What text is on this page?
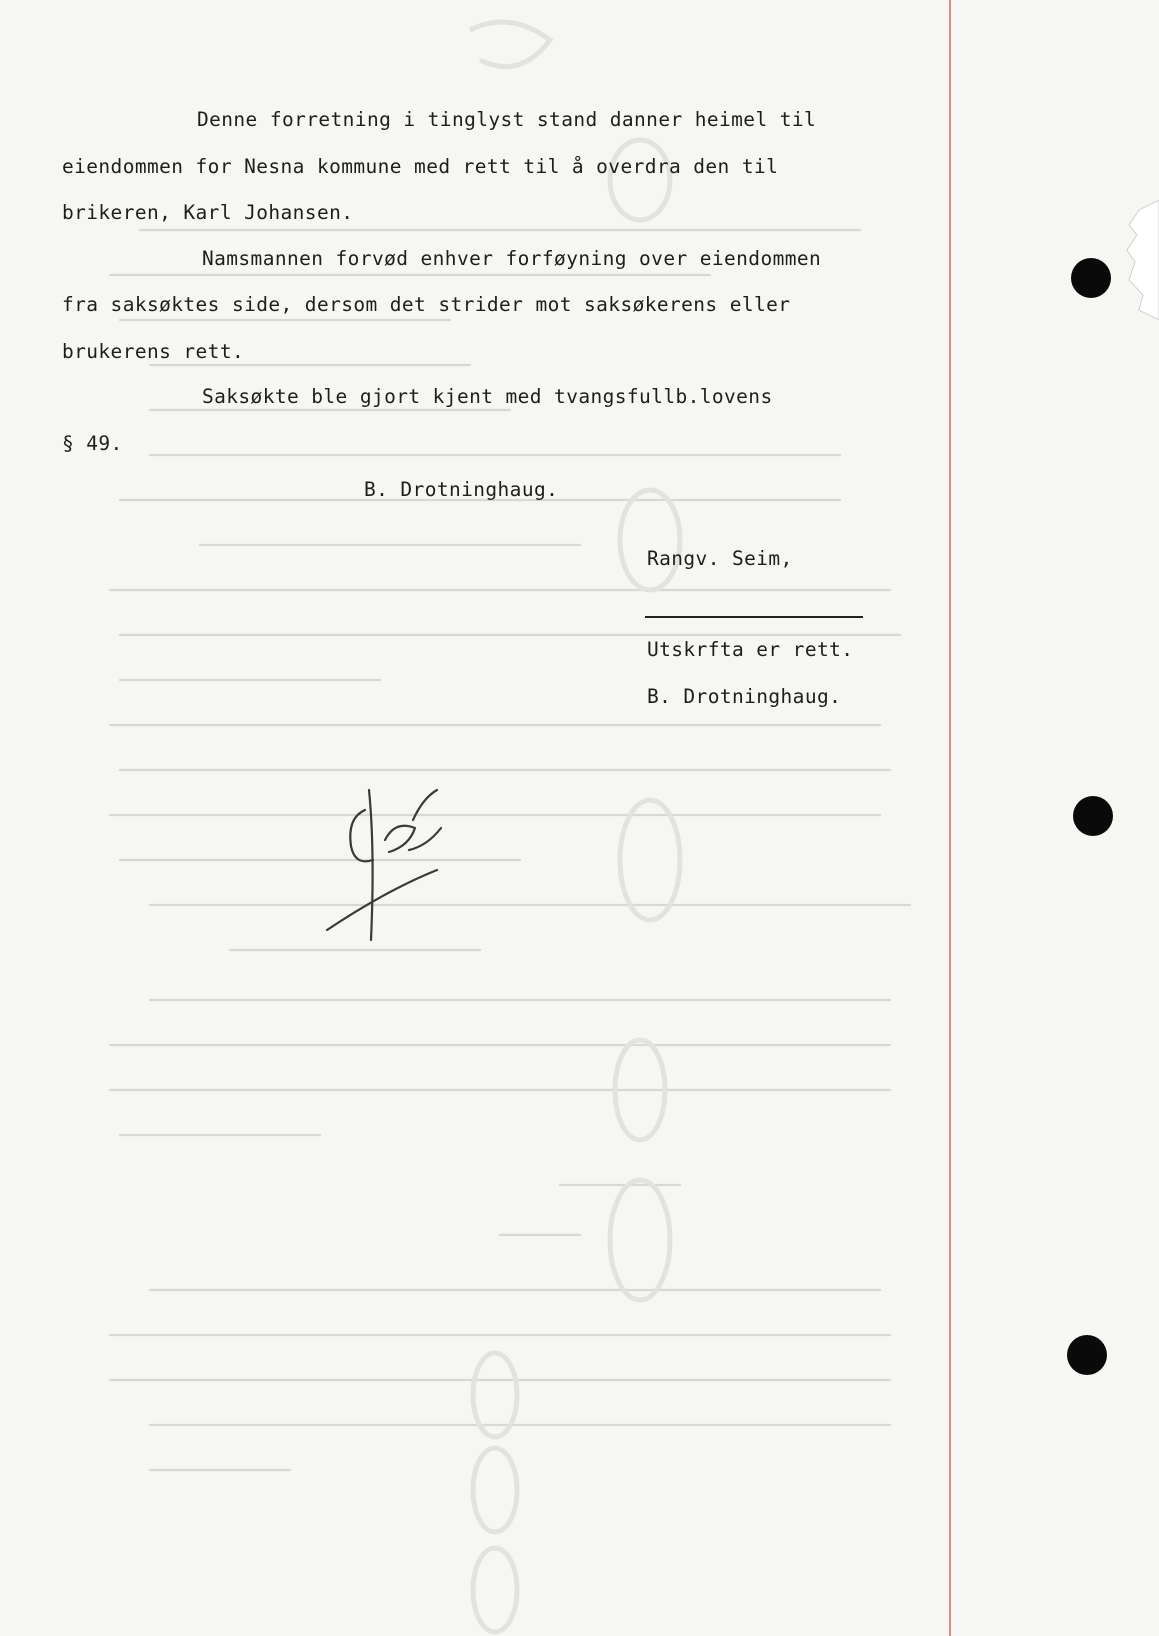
Denne forretning i tinglyst stand danner heimel til
eiendommen for Nesna kommune med rett til å overdra den til
brikeren, Karl Johansen.
Namsmannen forvød enhver forføyning over eiendommen
fra saksøktes side, dersom det strider mot saksøkerens eller
brukerens rett.
Saksøkte ble gjort kjent med tvangsfullb.lovens
§ 49.
B. Drotninghaug.
Rangv. Seim,
Utskrfta er rett.
B. Drotninghaug.
